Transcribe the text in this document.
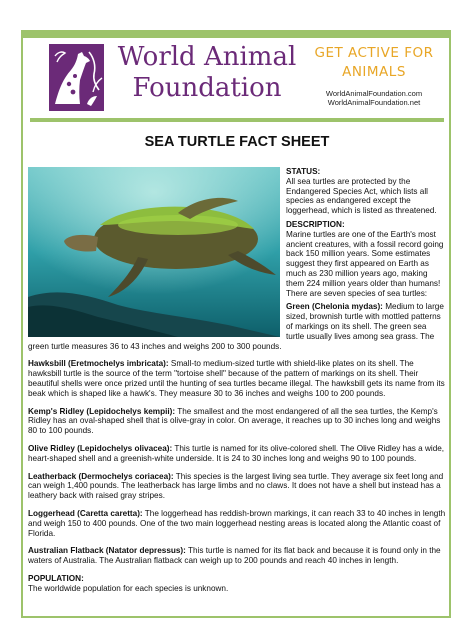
World Animal
Foundation
GET ACTIVE FOR
ANIMALS
WorldAnimalFoundation.com
WorldAnimalFoundation.net
SEA TURTLE FACT SHEET

STATUS:

All sea turtles are protected by the Endangered Species Act, which lists all species as endangered except the loggerhead, which is listed as threatened.

DESCRIPTION:

Marine turtles are one of the Earth's most ancient creatures, with a fossil record going back 150 million years. Some estimates suggest they first appeared on Earth as much as 230 million years ago, making them 224 million years older than humans! There are seven species of sea turtles:

Green (Chelonia mydas): Medium to large sized, brownish turtle with mottled patterns of markings on its shell. The green sea turtle usually lives among sea grass. The green turtle measures 36 to 43 inches and weighs 200 to 300 pounds.

Hawksbill (Eretmochelys imbricata): Small-to medium-sized turtle with shield-like plates on its shell. The hawksbill turtle is the source of the term "tortoise shell" because of the pattern of markings on its shell. Their beautiful shells were once prized until the hunting of sea turtles became illegal. The hawksbill gets its name from its beak which is shaped like a hawk's. They measure 30 to 36 inches and weighs 100 to 200 pounds.

Kemp's Ridley (Lepidochelys kempii): The smallest and the most endangered of all the sea turtles, the Kemp's Ridley has an oval-shaped shell that is olive-gray in color. On average, it reaches up to 30 inches long and weighs 80 to 100 pounds.

Olive Ridley (Lepidochelys olivacea): This turtle is named for its olive-colored shell. The Olive Ridley has a wide, heart-shaped shell and a greenish-white underside. It is 24 to 30 inches long and weighs 90 to 100 pounds.

Leatherback (Dermochelys coriacea): This species is the largest living sea turtle. They average six feet long and can weigh 1,400 pounds. The leatherback has large limbs and no claws. It does not have a shell but instead has a leathery back with raised gray stripes.

Loggerhead (Caretta caretta): The loggerhead has reddish-brown markings, it can reach 33 to 40 inches in length and weigh 150 to 400 pounds. One of the two main loggerhead nesting areas is located along the Atlantic coast of Florida.

Australian Flatback (Natator depressus): This turtle is named for its flat back and because it is found only in the waters of Australia. The Australian flatback can weigh up to 200 pounds and reach 40 inches in length.

POPULATION:

The worldwide population for each species is unknown.
